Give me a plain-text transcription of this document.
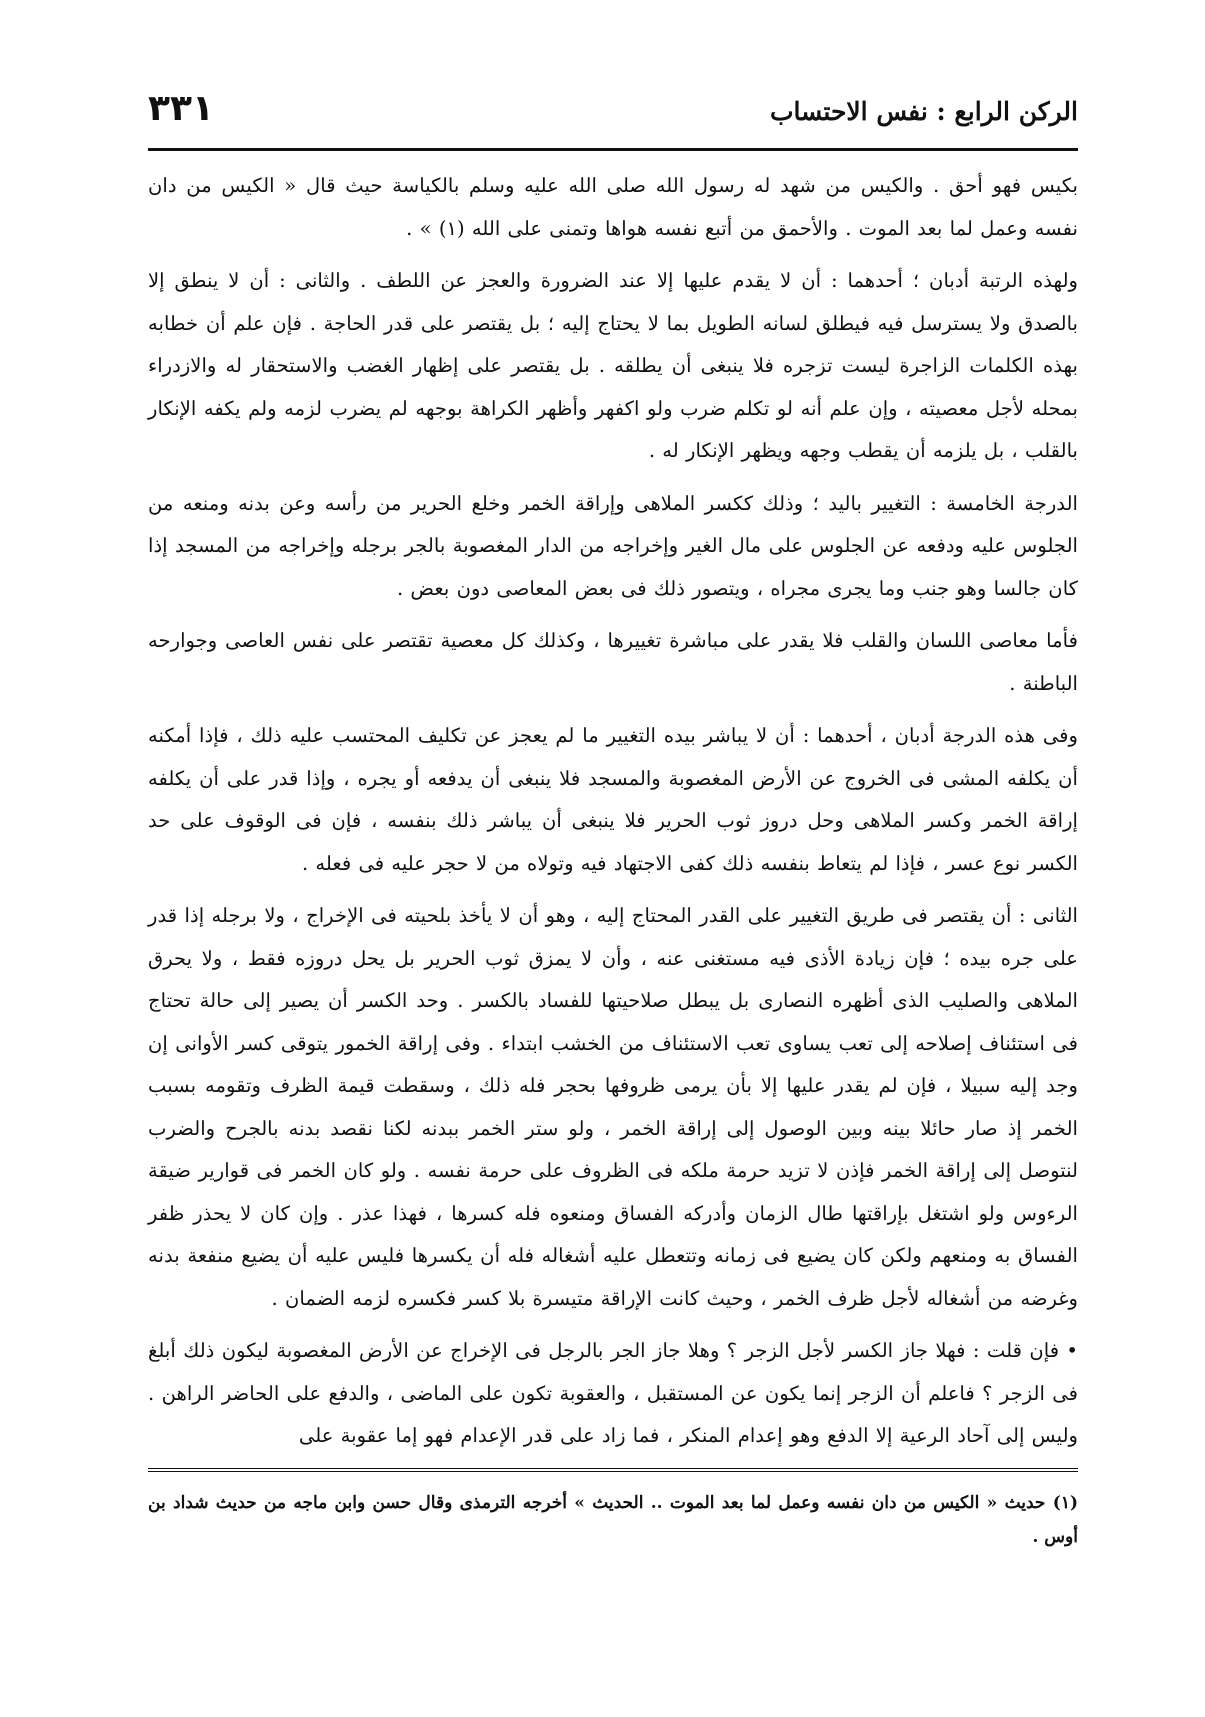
الركن الرابع : نفس الاحتساب
٣٣١

بكيس فهو أحق . والكيس من شهد له رسول الله صلى الله عليه وسلم بالكياسة حيث قال « الكيس من دان نفسه وعمل لما بعد الموت . والأحمق من أتبع نفسه هواها وتمنى على الله (١) » .

ولهذه الرتبة أدبان ؛ أحدهما : أن لا يقدم عليها إلا عند الضرورة والعجز عن اللطف . والثانى : أن لا ينطق إلا بالصدق ولا يسترسل فيه فيطلق لسانه الطويل بما لا يحتاج إليه ؛ بل يقتصر على قدر الحاجة . فإن علم أن خطابه بهذه الكلمات الزاجرة ليست تزجره فلا ينبغى أن يطلقه . بل يقتصر على إظهار الغضب والاستحقار له والازدراء بمحله لأجل معصيته ، وإن علم أنه لو تكلم ضرب ولو اكفهر وأظهر الكراهة بوجهه لم يضرب لزمه ولم يكفه الإنكار بالقلب ، بل يلزمه أن يقطب وجهه ويظهر الإنكار له .

الدرجة الخامسة : التغيير باليد ؛ وذلك ككسر الملاهى وإراقة الخمر وخلع الحرير من رأسه وعن بدنه ومنعه من الجلوس عليه ودفعه عن الجلوس على مال الغير وإخراجه من الدار المغصوبة بالجر برجله وإخراجه من المسجد إذا كان جالسا وهو جنب وما يجرى مجراه ، ويتصور ذلك فى بعض المعاصى دون بعض .

فأما معاصى اللسان والقلب فلا يقدر على مباشرة تغييرها ، وكذلك كل معصية تقتصر على نفس العاصى وجوارحه الباطنة .

وفى هذه الدرجة أدبان ، أحدهما : أن لا يباشر بيده التغيير ما لم يعجز عن تكليف المحتسب عليه ذلك ، فإذا أمكنه أن يكلفه المشى فى الخروج عن الأرض المغصوبة والمسجد فلا ينبغى أن يدفعه أو يجره ، وإذا قدر على أن يكلفه إراقة الخمر وكسر الملاهى وحل دروز ثوب الحرير فلا ينبغى أن يباشر ذلك بنفسه ، فإن فى الوقوف على حد الكسر نوع عسر ، فإذا لم يتعاط بنفسه ذلك كفى الاجتهاد فيه وتولاه من لا حجر عليه فى فعله .

الثانى : أن يقتصر فى طريق التغيير على القدر المحتاج إليه ، وهو أن لا يأخذ بلحيته فى الإخراج ، ولا برجله إذا قدر على جره بيده ؛ فإن زيادة الأذى فيه مستغنى عنه ، وأن لا يمزق ثوب الحرير بل يحل دروزه فقط ، ولا يحرق الملاهى والصليب الذى أظهره النصارى بل يبطل صلاحيتها للفساد بالكسر . وحد الكسر أن يصير إلى حالة تحتاج فى استئناف إصلاحه إلى تعب يساوى تعب الاستئناف من الخشب ابتداء . وفى إراقة الخمور يتوقى كسر الأوانى إن وجد إليه سبيلا ، فإن لم يقدر عليها إلا بأن يرمى ظروفها بحجر فله ذلك ، وسقطت قيمة الظرف وتقومه بسبب الخمر إذ صار حائلا بينه وبين الوصول إلى إراقة الخمر ، ولو ستر الخمر ببدنه لكنا نقصد بدنه بالجرح والضرب لنتوصل إلى إراقة الخمر فإذن لا تزيد حرمة ملكه فى الظروف على حرمة نفسه . ولو كان الخمر فى قوارير ضيقة الرءوس ولو اشتغل بإراقتها طال الزمان وأدركه الفساق ومنعوه فله كسرها ، فهذا عذر . وإن كان لا يحذر ظفر الفساق به ومنعهم ولكن كان يضيع فى زمانه وتتعطل عليه أشغاله فله أن يكسرها فليس عليه أن يضيع منفعة بدنه وغرضه من أشغاله لأجل ظرف الخمر ، وحيث كانت الإراقة متيسرة بلا كسر فكسره لزمه الضمان .

• فإن قلت : فهلا جاز الكسر لأجل الزجر ؟ وهلا جاز الجر بالرجل فى الإخراج عن الأرض المغصوبة ليكون ذلك أبلغ فى الزجر ؟ فاعلم أن الزجر إنما يكون عن المستقبل ، والعقوبة تكون على الماضى ، والدفع على الحاضر الراهن . وليس إلى آحاد الرعية إلا الدفع وهو إعدام المنكر ، فما زاد على قدر الإعدام فهو إما عقوبة على

(١) حديث « الكيس من دان نفسه وعمل لما بعد الموت .. الحديث » أخرجه الترمذى وقال حسن وابن ماجه من حديث شداد بن أوس .
